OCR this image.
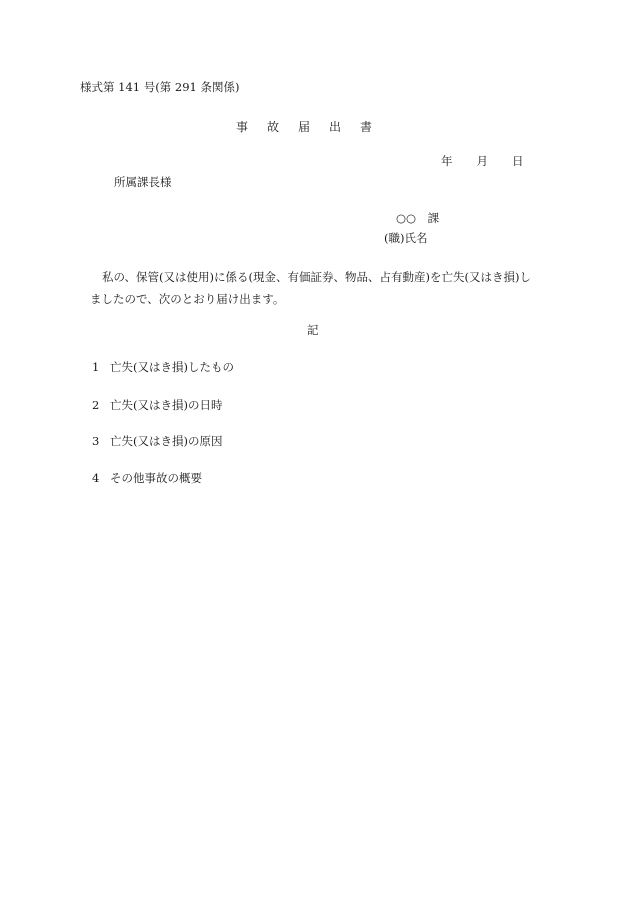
様式第 141 号(第 291 条関係)
事故届出書
年 月 日
所属課長様
○○　課
(職)氏名
私の、保管(又は使用)に係る(現金、有価証券、物品、占有動産)を亡失(又はき損)し
ましたので、次のとおり届け出ます。
記
1 亡失(又はき損)したもの
2 亡失(又はき損)の日時
3 亡失(又はき損)の原因
4 その他事故の概要
